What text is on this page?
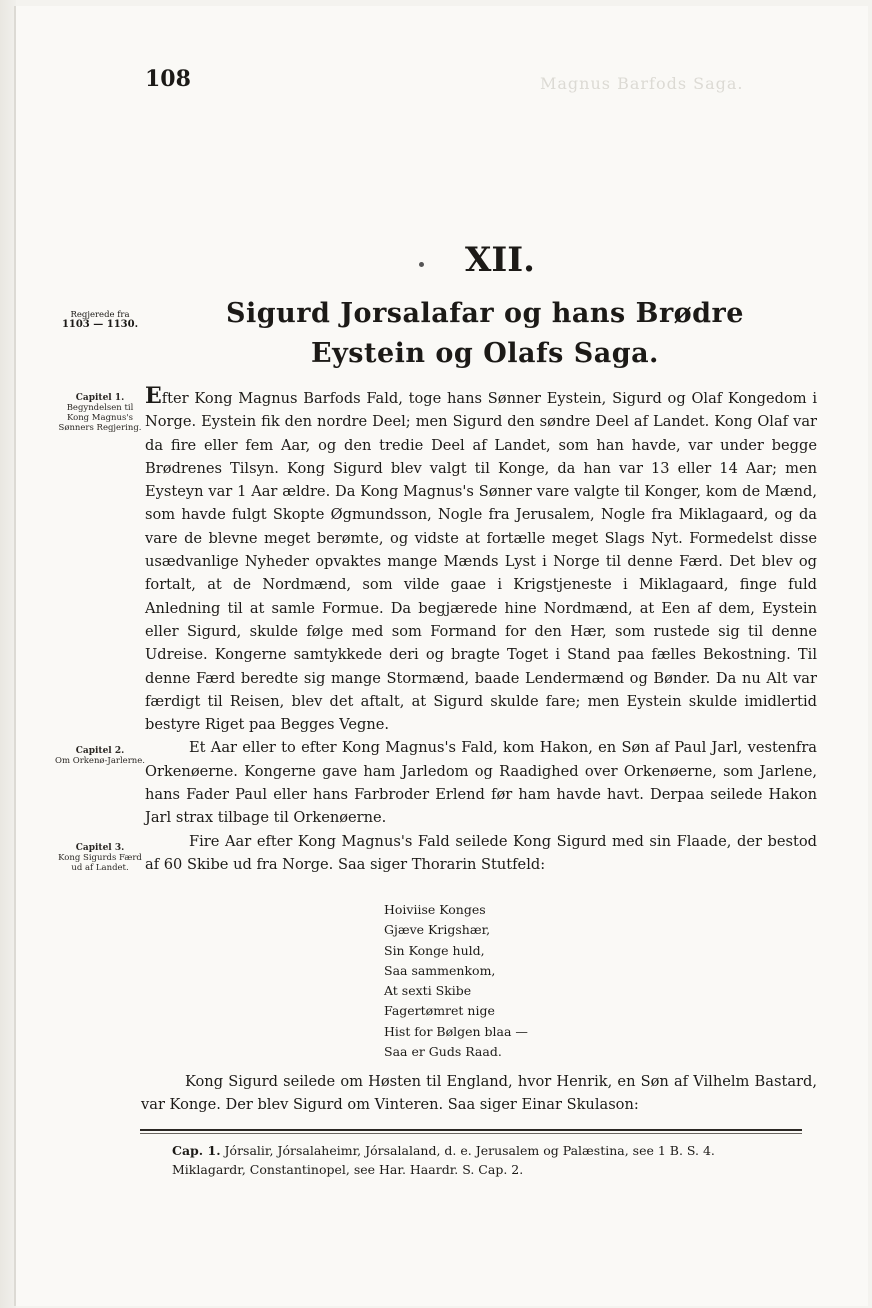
108	Magnus Barfods Saga.
XII.
Regjerede fra
1103 — 1130.	Sigurd Jorsalafar og hans Brødre
Eystein og Olafs Saga.
Capitel 1.
Begyndelsen til Kong Magnus's Sønners Regjering.
Capitel 2.
Om Orkenø-Jarlerne.
Capitel 3.
Kong Sigurds Færd ud af Landet.

Efter Kong Magnus Barfods Fald, toge hans Sønner Eystein, Sigurd og Olaf Kongedom i Norge. Eystein fik den nordre Deel; men Sigurd den søndre Deel af Landet. Kong Olaf var da fire eller fem Aar, og den tredie Deel af Landet, som han havde, var under begge Brødrenes Tilsyn. Kong Sigurd blev valgt til Konge, da han var 13 eller 14 Aar; men Eysteyn var 1 Aar ældre. Da Kong Magnus's Sønner vare valgte til Konger, kom de Mænd, som havde fulgt Skopte Øgmundsson, Nogle fra Jerusalem, Nogle fra Miklagaard, og da vare de blevne meget berømte, og vidste at fortælle meget Slags Nyt. Formedelst disse usædvanlige Nyheder opvaktes mange Mænds Lyst i Norge til denne Færd. Det blev og fortalt, at de Nordmænd, som vilde gaae i Krigstjeneste i Miklagaard, finge fuld Anledning til at samle Formue. Da begjærede hine Nordmænd, at Een af dem, Eystein eller Sigurd, skulde følge med som Formand for den Hær, som rustede sig til denne Udreise. Kongerne samtykkede deri og bragte Toget i Stand paa fælles Bekostning. Til denne Færd beredte sig mange Stormænd, baade Lendermænd og Bønder. Da nu Alt var færdigt til Reisen, blev det aftalt, at Sigurd skulde fare; men Eystein skulde imidlertid bestyre Riget paa Begges Vegne.

Et Aar eller to efter Kong Magnus's Fald, kom Hakon, en Søn af Paul Jarl, vestenfra Orkenøerne. Kongerne gave ham Jarledom og Raadighed over Orkenøerne, som Jarlene, hans Fader Paul eller hans Farbroder Erlend før ham havde havt. Derpaa seilede Hakon Jarl strax tilbage til Orkenøerne.

Fire Aar efter Kong Magnus's Fald seilede Kong Sigurd med sin Flaade, der bestod af 60 Skibe ud fra Norge. Saa siger Thorarin Stutfeld:

Hoiviise Konges
Gjæve Krigshær,
Sin Konge huld,
Saa sammenkom,
At sexti Skibe
Fagertømret nige
Hist for Bølgen blaa —
Saa er Guds Raad.
Kong Sigurd seilede om Høsten til England, hvor Henrik, en Søn af Vilhelm Bastard, var Konge. Der blev Sigurd om Vinteren. Saa siger Einar Skulason:
Cap. 1. Jórsalir, Jórsalaheimr, Jórsalaland, d. e. Jerusalem og Palæstina, see 1 B. S. 4.
Miklagardr, Constantinopel, see Har. Haardr. S. Cap. 2.
